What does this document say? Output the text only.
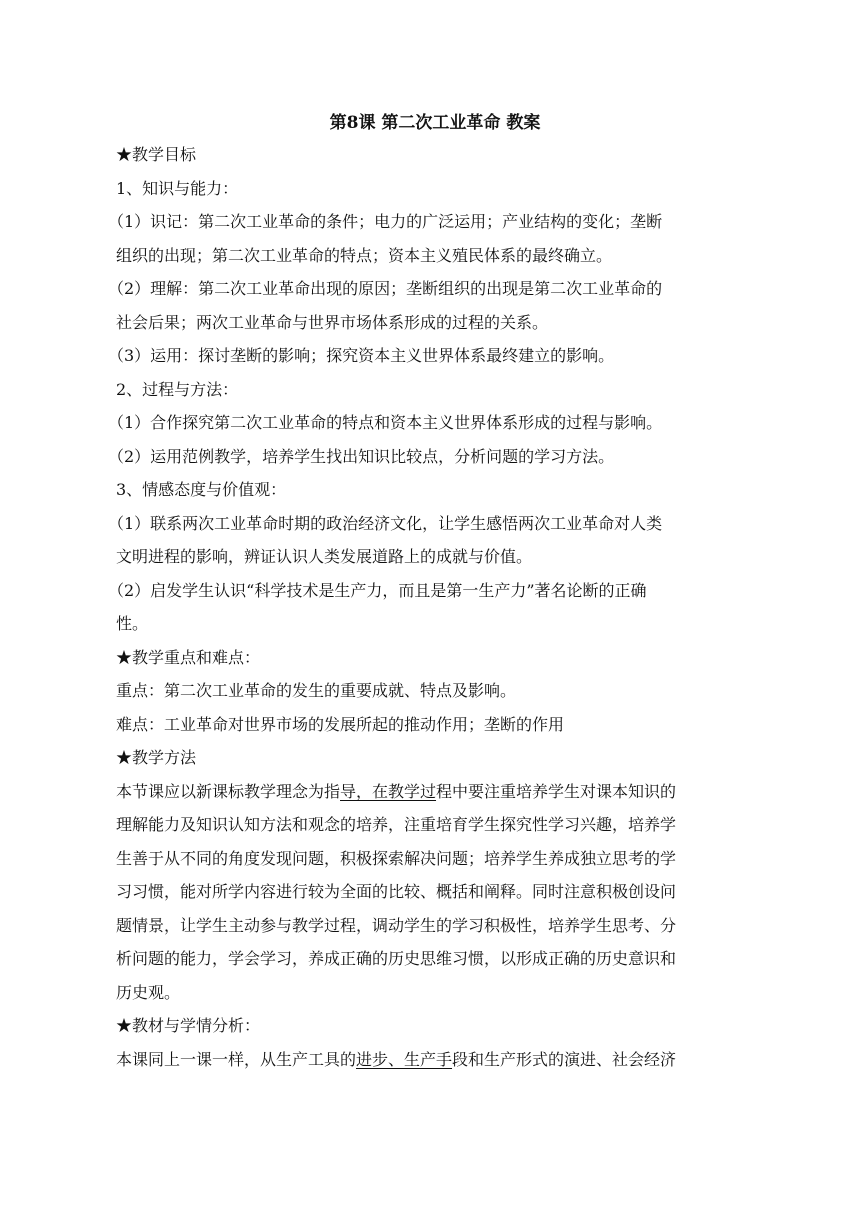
第8课 第二次工业革命 教案
★教学目标
1、知识与能力：
（1）识记：第二次工业革命的条件；电力的广泛运用；产业结构的变化；垄断
组织的出现；第二次工业革命的特点；资本主义殖民体系的最终确立。
（2）理解：第二次工业革命出现的原因；垄断组织的出现是第二次工业革命的
社会后果；两次工业革命与世界市场体系形成的过程的关系。
（3）运用：探讨垄断的影响；探究资本主义世界体系最终建立的影响。
2、过程与方法：
（1）合作探究第二次工业革命的特点和资本主义世界体系形成的过程与影响。
（2）运用范例教学，培养学生找出知识比较点，分析问题的学习方法。
3、情感态度与价值观：
（1）联系两次工业革命时期的政治经济文化，让学生感悟两次工业革命对人类
文明进程的影响，辨证认识人类发展道路上的成就与价值。
（2）启发学生认识“科学技术是生产力，而且是第一生产力”著名论断的正确
性。
★教学重点和难点：
重点：第二次工业革命的发生的重要成就、特点及影响。
难点：工业革命对世界市场的发展所起的推动作用；垄断的作用
★教学方法
本节课应以新课标教学理念为指导，在教学过程中要注重培养学生对课本知识的
理解能力及知识认知方法和观念的培养，注重培育学生探究性学习兴趣，培养学
生善于从不同的角度发现问题，积极探索解决问题；培养学生养成独立思考的学
习习惯，能对所学内容进行较为全面的比较、概括和阐释。同时注意积极创设问
题情景，让学生主动参与教学过程，调动学生的学习积极性，培养学生思考、分
析问题的能力，学会学习，养成正确的历史思维习惯，以形成正确的历史意识和
历史观。
★教材与学情分析：
本课同上一课一样，从生产工具的进步、生产手段和生产形式的演进、社会经济
